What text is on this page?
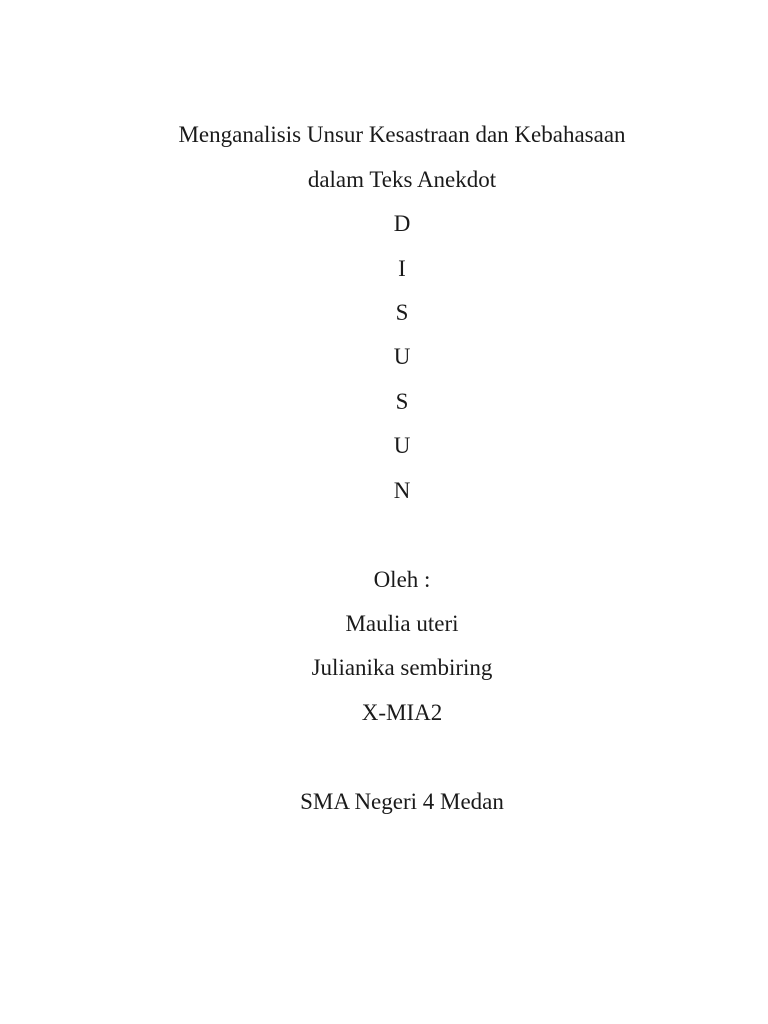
Menganalisis Unsur Kesastraan dan Kebahasaan
dalam Teks Anekdot
D
I
S
U
S
U
N
Oleh :
Maulia uteri
Julianika sembiring
X-MIA2
SMA Negeri 4 Medan
